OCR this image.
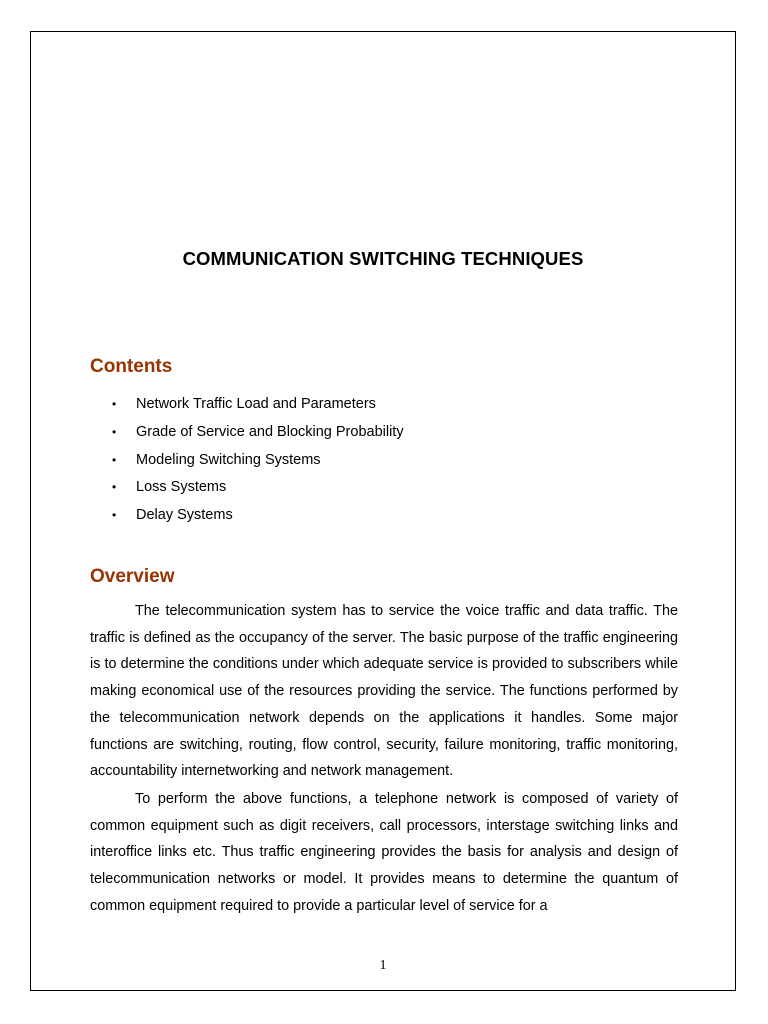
COMMUNICATION SWITCHING TECHNIQUES
Contents
• Network Traffic Load and Parameters
• Grade of Service and Blocking Probability
• Modeling Switching Systems
• Loss Systems
• Delay Systems
Overview

The telecommunication system has to service the voice traffic and data traffic. The traffic is defined as the occupancy of the server. The basic purpose of the traffic engineering is to determine the conditions under which adequate service is provided to subscribers while making economical use of the resources providing the service. The functions performed by the telecommunication network depends on the applications it handles. Some major functions are switching, routing, flow control, security, failure monitoring, traffic monitoring, accountability internetworking and network management.

To perform the above functions, a telephone network is composed of variety of common equipment such as digit receivers, call processors, interstage switching links and interoffice links etc. Thus traffic engineering provides the basis for analysis and design of telecommunication networks or model. It provides means to determine the quantum of common equipment required to provide a particular level of service for a

1
